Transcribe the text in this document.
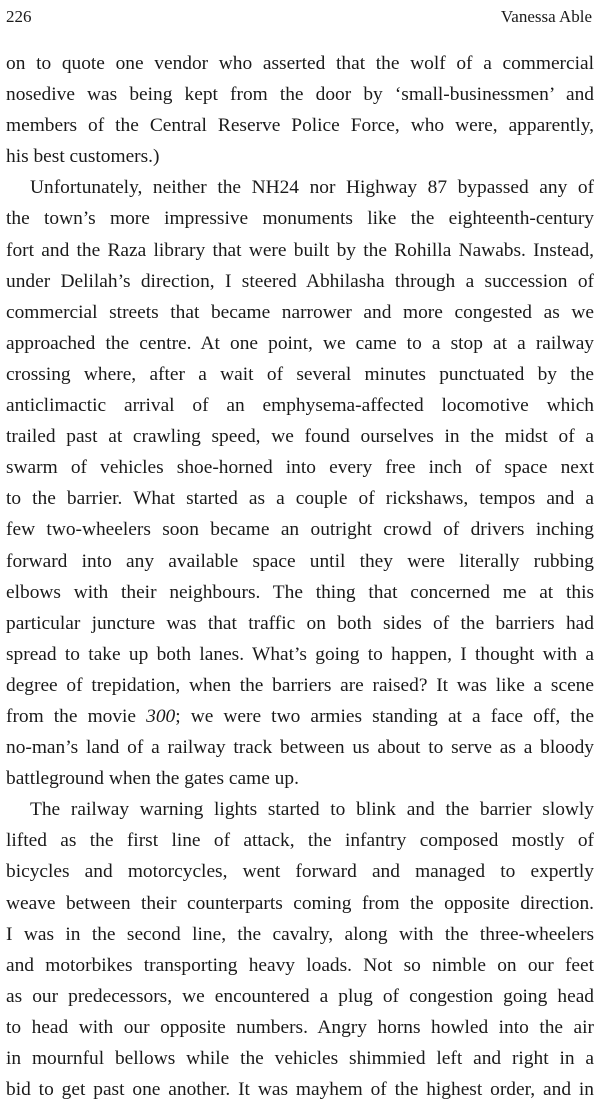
226	Vanessa Able
on to quote one vendor who asserted that the wolf of a commercial
nosedive was being kept from the door by ‘small-businessmen’ and
members of the Central Reserve Police Force, who were, apparently,
his best customers.)
Unfortunately, neither the NH24 nor Highway 87 bypassed any of
the town’s more impressive monuments like the eighteenth-century
fort and the Raza library that were built by the Rohilla Nawabs. Instead,
under Delilah’s direction, I steered Abhilasha through a succession of
commercial streets that became narrower and more congested as we
approached the centre. At one point, we came to a stop at a railway
crossing where, after a wait of several minutes punctuated by the
anticlimactic arrival of an emphysema-affected locomotive which
trailed past at crawling speed, we found ourselves in the midst of a
swarm of vehicles shoe-horned into every free inch of space next
to the barrier. What started as a couple of rickshaws, tempos and a
few two-wheelers soon became an outright crowd of drivers inching
forward into any available space until they were literally rubbing
elbows with their neighbours. The thing that concerned me at this
particular juncture was that traffic on both sides of the barriers had
spread to take up both lanes. What’s going to happen, I thought with a
degree of trepidation, when the barriers are raised? It was like a scene
from the movie 300; we were two armies standing at a face off, the
no-man’s land of a railway track between us about to serve as a bloody
battleground when the gates came up.
The railway warning lights started to blink and the barrier slowly
lifted as the first line of attack, the infantry composed mostly of
bicycles and motorcycles, went forward and managed to expertly
weave between their counterparts coming from the opposite direction.
I was in the second line, the cavalry, along with the three-wheelers
and motorbikes transporting heavy loads. Not so nimble on our feet
as our predecessors, we encountered a plug of congestion going head
to head with our opposite numbers. Angry horns howled into the air
in mournful bellows while the vehicles shimmied left and right in a
bid to get past one another. It was mayhem of the highest order, and in
